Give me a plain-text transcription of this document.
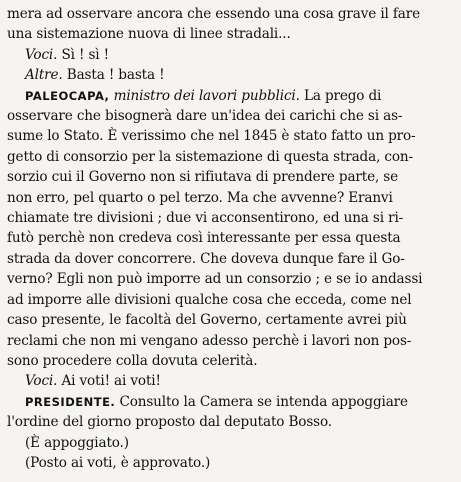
mera ad osservare ancora che essendo una cosa grave il fare
una sistemazione nuova di linee stradali...
Voci. Sì ! sì !
Altre. Basta ! basta !
PALEOCAPA, ministro dei lavori pubblici. La prego di
osservare che bisognerà dare un'idea dei carichi che si as-
sume lo Stato. È verissimo che nel 1845 è stato fatto un pro-
getto di consorzio per la sistemazione di questa strada, con-
sorzio cui il Governo non si rifiutava di prendere parte, se
non erro, pel quarto o pel terzo. Ma che avvenne? Eranvi
chiamate tre divisioni ; due vi acconsentirono, ed una si ri-
futò perchè non credeva così interessante per essa questa
strada da dover concorrere. Che doveva dunque fare il Go-
verno? Egli non può imporre ad un consorzio ; e se io andassi
ad imporre alle divisioni qualche cosa che ecceda, come nel
caso presente, le facoltà del Governo, certamente avrei più
reclami che non mi vengano adesso perchè i lavori non pos-
sono procedere colla dovuta celerità.
Voci. Ai voti! ai voti!
PRESIDENTE. Consulto la Camera se intenda appoggiare
l'ordine del giorno proposto dal deputato Bosso.
(È appoggiato.)
(Posto ai voti, è approvato.)
